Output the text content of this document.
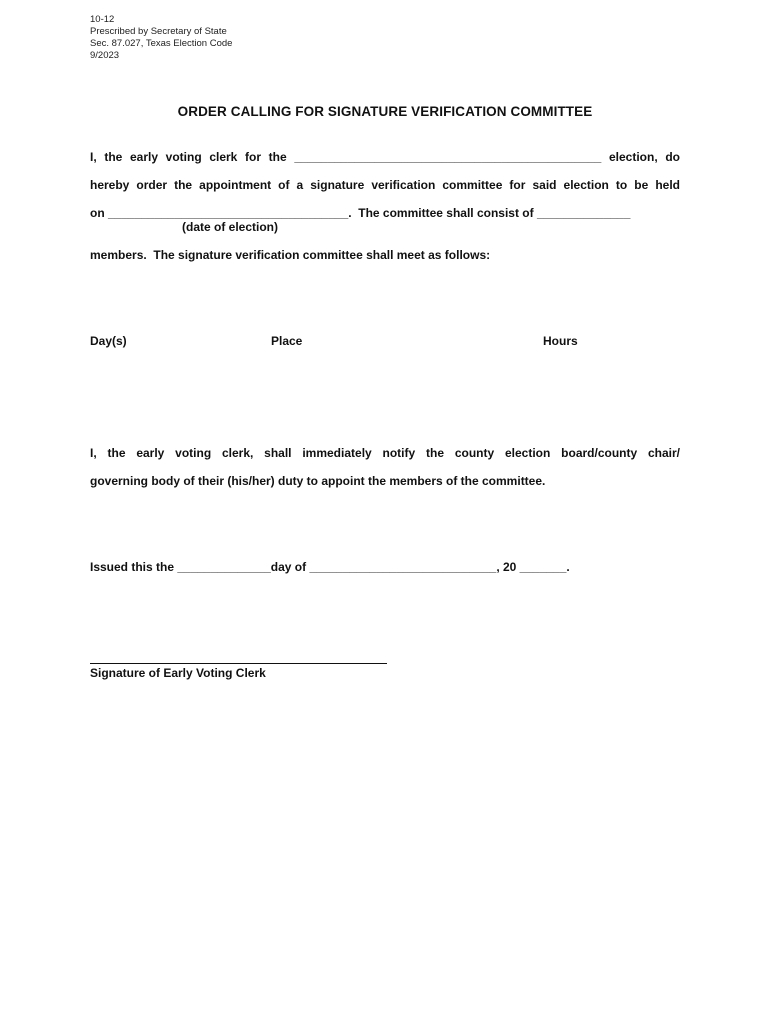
10-12
Prescribed by Secretary of State
Sec. 87.027, Texas Election Code
9/2023
ORDER CALLING FOR SIGNATURE VERIFICATION COMMITTEE
I, the early voting clerk for the ______________________________________________ election, do
hereby order the appointment of a signature verification committee for said election to be held
on ____________________________________.  The committee shall consist of ______________
(date of election)
members.  The signature verification committee shall meet as follows:
Day(s)	Place	Hours
I, the early voting clerk, shall immediately notify the county election board/county chair/
governing body of their (his/her) duty to appoint the members of the committee.
Issued this the ______________day of ____________________________, 20 _______.
Signature of Early Voting Clerk
